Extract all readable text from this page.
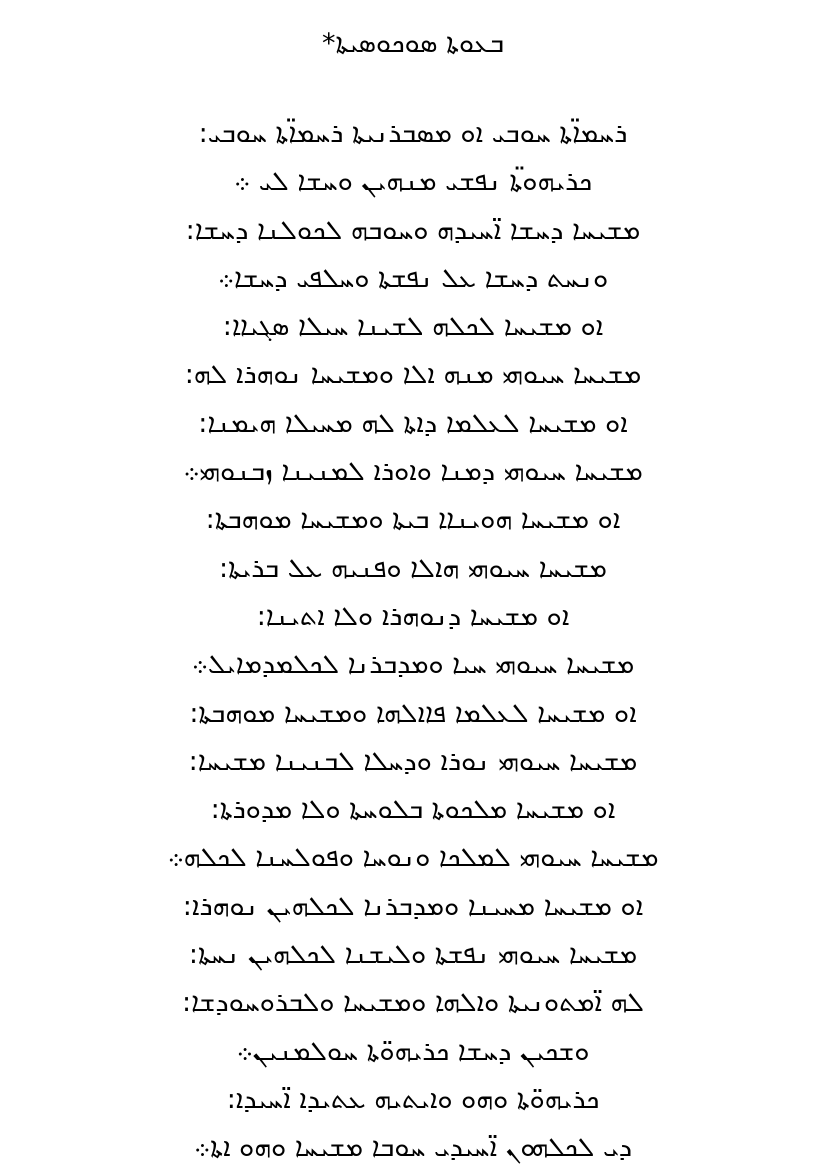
ܒܥܘܬܐ ܣܘܟܘܣܝܬܐ*
ܪܚܡܐ̈ܬܐ ܚܘܒܝ ܐܘ ܡܣܒܪܢܝܬܐ ܪܚܡܐ̈ܬܐ ܚܘܒܝ:
ܟܪܝܗܘܬ̈ܐ ܢܦܫܝ ܡܢܗܝܢ ܘܚܫܐ ܠܝ ܀
ܡܫܝܚܐ ܕܚܫܐ ܐ̈ܚܝܕܗ ܘܚܘܒܗ ܠܟܘܠܢܐ ܕܚܫܐ:
ܘܢܚܬ ܕܚܫܐ ܥܠ ܢܦܫܬܐ ܘܚܠܦܝ ܕܚܫܐ܀
ܐܘ ܡܫܝܚܐ ܠܟܠܗ ܠܫܝܢܐ ܚܝܠܐ ܣܓܝܐܐ:
ܡܫܝܚܐ ܚܝܘܗܝ ܡܢܗ ܐܠܐ ܘܡܫܝܚܐ ܢܘܗܪܐ ܠܗ:
ܐܘ ܡܫܝܚܐ ܠܥܠܡܐ ܕܐܬܐ ܠܗ ܡܚܝܠܐ ܗܝܡܢܐ:
ܡܫܝܚܐ ܚܝܘܗܝ ܕܡܢܐ ܘܐܘܪܐ ܠܡܢܝܢܐ ܙܒܢܘܗܝ܀
ܐܘ ܡܫܝܚܐ ܗܘܝܢܐܐ ܒܝܬܐ ܘܡܫܝܚܐ ܡܘܗܒܬܐ:
ܡܫܝܚܐ ܚܝܘܗܝ ܗܐܠܐ ܘܦܢܝܗ ܥܠ ܒܪܝܬܐ:
ܐܘ ܡܫܝܚܐ ܕܢܘܗܪܐ ܘܠܐ ܐܬܝܢܐ:
ܡܫܝܚܐ ܚܝܘܗܝ ܚܝܐ ܘܡܕܒܪܢܐ ܠܟܠܡܕܡܐܝܠ܀
ܐܘ ܡܫܝܚܐ ܠܥܠܡܐ ܦܐܐܠܗܐ ܘܡܫܝܚܐ ܡܘܗܒܬܐ:
ܡܫܝܚܐ ܚܝܘܗܝ ܢܘܪܐ ܘܕܚܠܐ ܠܒܢܝܢܐ ܡܫܝܚܐ:
ܐܘ ܡܫܝܚܐ ܡܠܟܘܬܐ ܒܠܘܚܬܐ ܘܠܐ ܡܕܘܪܬܐ:
ܡܫܝܚܐ ܚܝܘܗܝ ܠܡܠܟܐ ܘܢܘܚܐ ܘܦܘܠܚܢܐ ܠܟܠܗ܀
ܐܘ ܡܫܝܚܐ ܡܚܝܢܐ ܘܡܕܒܪܢܐ ܠܟܠܗܝܢ ܢܘܗܪܐ:
ܡܫܝܚܐ ܚܝܘܗܝ ܢܦܫܬܐ ܘܠܝܫܢܐ ܠܟܠܗܝܢ ܢܚܬܐ:
ܠܗ ܐ̈ܡܬܘܢܝܬܐ ܘܐܠܗܐ ܘܡܫܝܚܐ ܘܠܒܪܘܚܘܕܫܐ:
ܘܫܟܝܢ ܕܚܫܐ ܟܪܝܗܘ̈ܬܐ ܚܘܠܡܢܝܢ܀
ܟܪܝܗܘ̈ܬܐ ܘܗܘ ܘܐܝܬܝܗ ܥܬܝܕܐ ܐ̈ܚܝܕܐ:
ܕܝ ܠܟܠܗܘܢ ܐ̈ܚܝܕܝ ܚܘܒܐ ܡܫܝܚܐ ܘܗܘ ܐܬܐ܀
